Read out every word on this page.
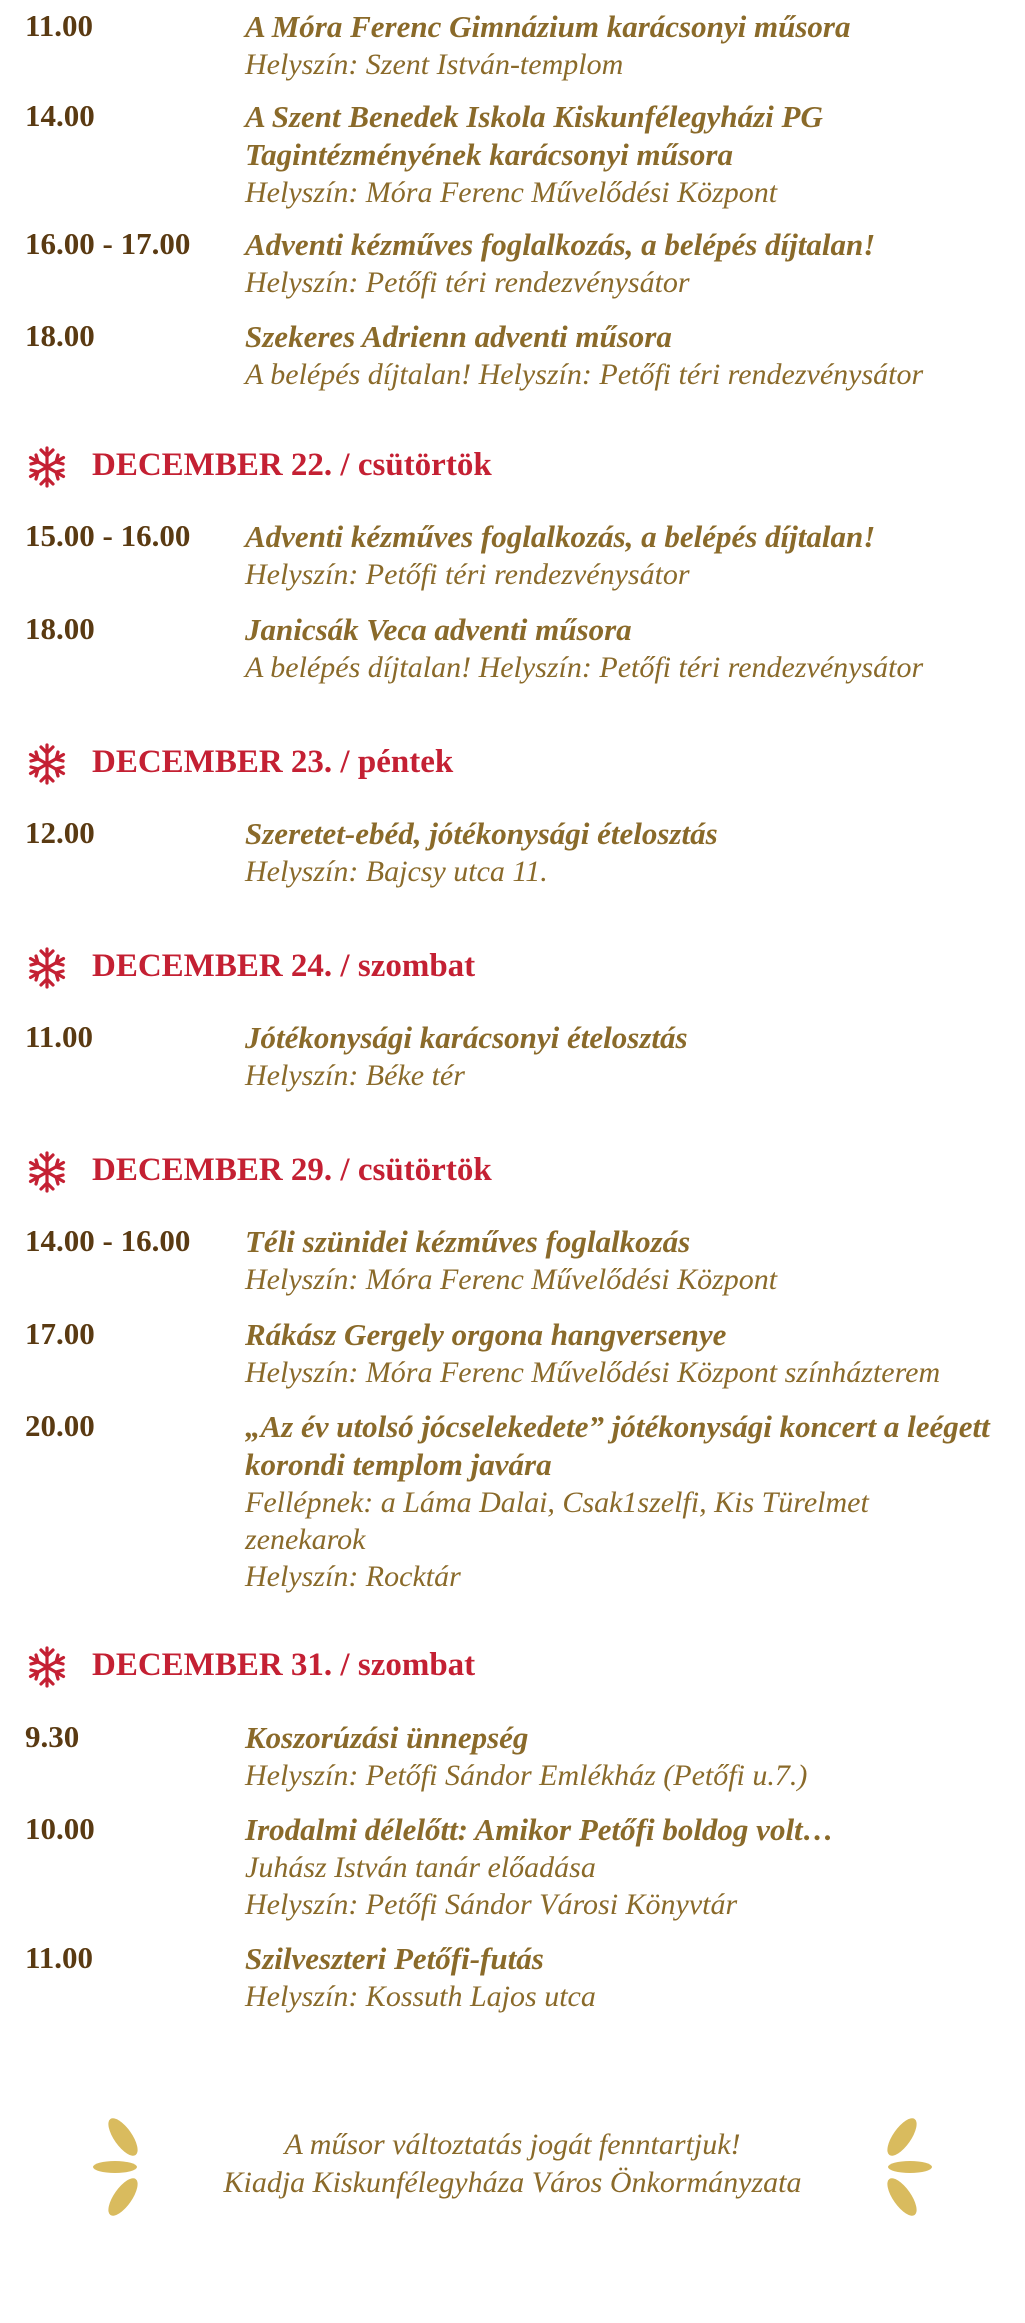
11.00	A Móra Ferenc Gimnázium karácsonyi műsora
Helyszín: Szent István-templom
14.00	A Szent Benedek Iskola Kiskunfélegyházi PG Tagintézményének karácsonyi műsora
Helyszín: Móra Ferenc Művelődési Központ
16.00 - 17.00 Adventi kézműves foglalkozás, a belépés díjtalan!
Helyszín: Petőfi téri rendezvénysátor
18.00	Szekeres Adrienn adventi műsora
A belépés díjtalan! Helyszín: Petőfi téri rendezvénysátor
DECEMBER 22. / csütörtök
15.00 - 16.00 Adventi kézműves foglalkozás, a belépés díjtalan!
Helyszín: Petőfi téri rendezvénysátor
18.00	Janicsák Veca adventi műsora
A belépés díjtalan! Helyszín: Petőfi téri rendezvénysátor
DECEMBER 23. / péntek
12.00	Szeretet-ebéd, jótékonysági ételosztás
Helyszín: Bajcsy utca 11.
DECEMBER 24. / szombat
11.00	Jótékonysági karácsonyi ételosztás
Helyszín: Béke tér
DECEMBER 29. / csütörtök
14.00 - 16.00 Téli szünidei kézműves foglalkozás
Helyszín: Móra Ferenc Művelődési Központ
17.00	Rákász Gergely orgona hangversenye
Helyszín: Móra Ferenc Művelődési Központ színházterem
20.00	„Az év utolsó jócselekedete” jótékonysági koncert a leégett korondi templom javára
Fellépnek: a Láma Dalai, Csak1szelfi, Kis Türelmet zenekarok
Helyszín: Rocktár
DECEMBER 31. / szombat
9.30	Koszorúzási ünnepség
Helyszín: Petőfi Sándor Emlékház (Petőfi u.7.)
10.00	Irodalmi délelőtt: Amikor Petőfi boldog volt…
Juhász István tanár előadása
Helyszín: Petőfi Sándor Városi Könyvtár
11.00	Szilveszteri Petőfi-futás
Helyszín: Kossuth Lajos utca
A műsor változtatás jogát fenntartjuk!
Kiadja Kiskunfélegyháza Város Önkormányzata
